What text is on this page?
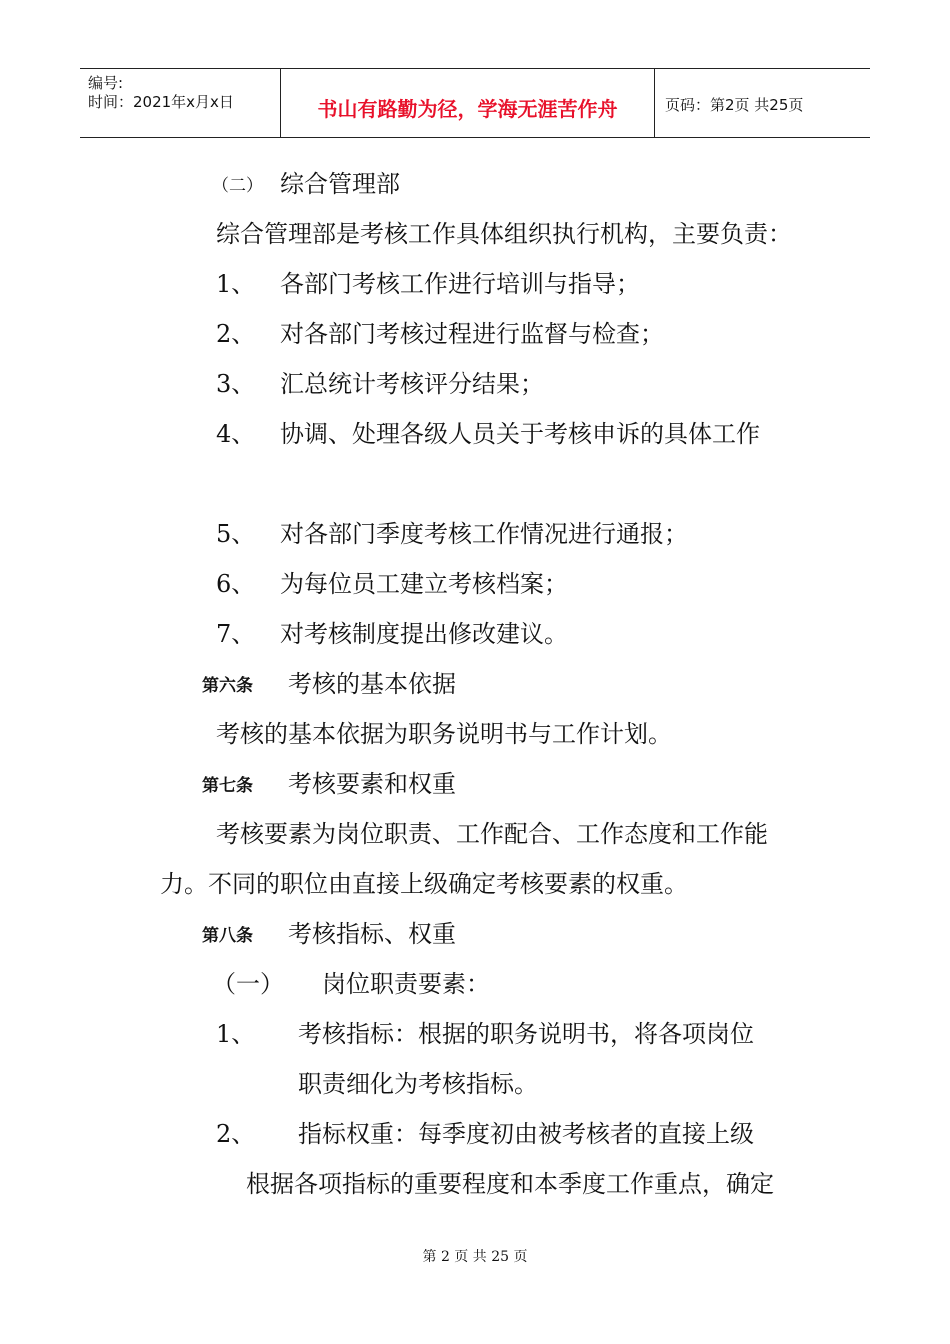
编号:
时间：2021年x月x日	书山有路勤为径，学海无涯苦作舟	页码：第2页 共25页
（二） 综合管理部
综合管理部是考核工作具体组织执行机构，主要负责：
1、 各部门考核工作进行培训与指导；
2、 对各部门考核过程进行监督与检查；
3、 汇总统计考核评分结果；
4、 协调、处理各级人员关于考核申诉的具体工作
5、 对各部门季度考核工作情况进行通报；
6、 为每位员工建立考核档案；
7、 对考核制度提出修改建议。
第六条 考核的基本依据
考核的基本依据为职务说明书与工作计划。
第七条 考核要素和权重
考核要素为岗位职责、工作配合、工作态度和工作能
力。不同的职位由直接上级确定考核要素的权重。
第八条 考核指标、权重
（一） 岗位职责要素：
1、 考核指标：根据的职务说明书，将各项岗位
职责细化为考核指标。
2、 指标权重：每季度初由被考核者的直接上级
根据各项指标的重要程度和本季度工作重点，确定
第 2 页 共 25 页
